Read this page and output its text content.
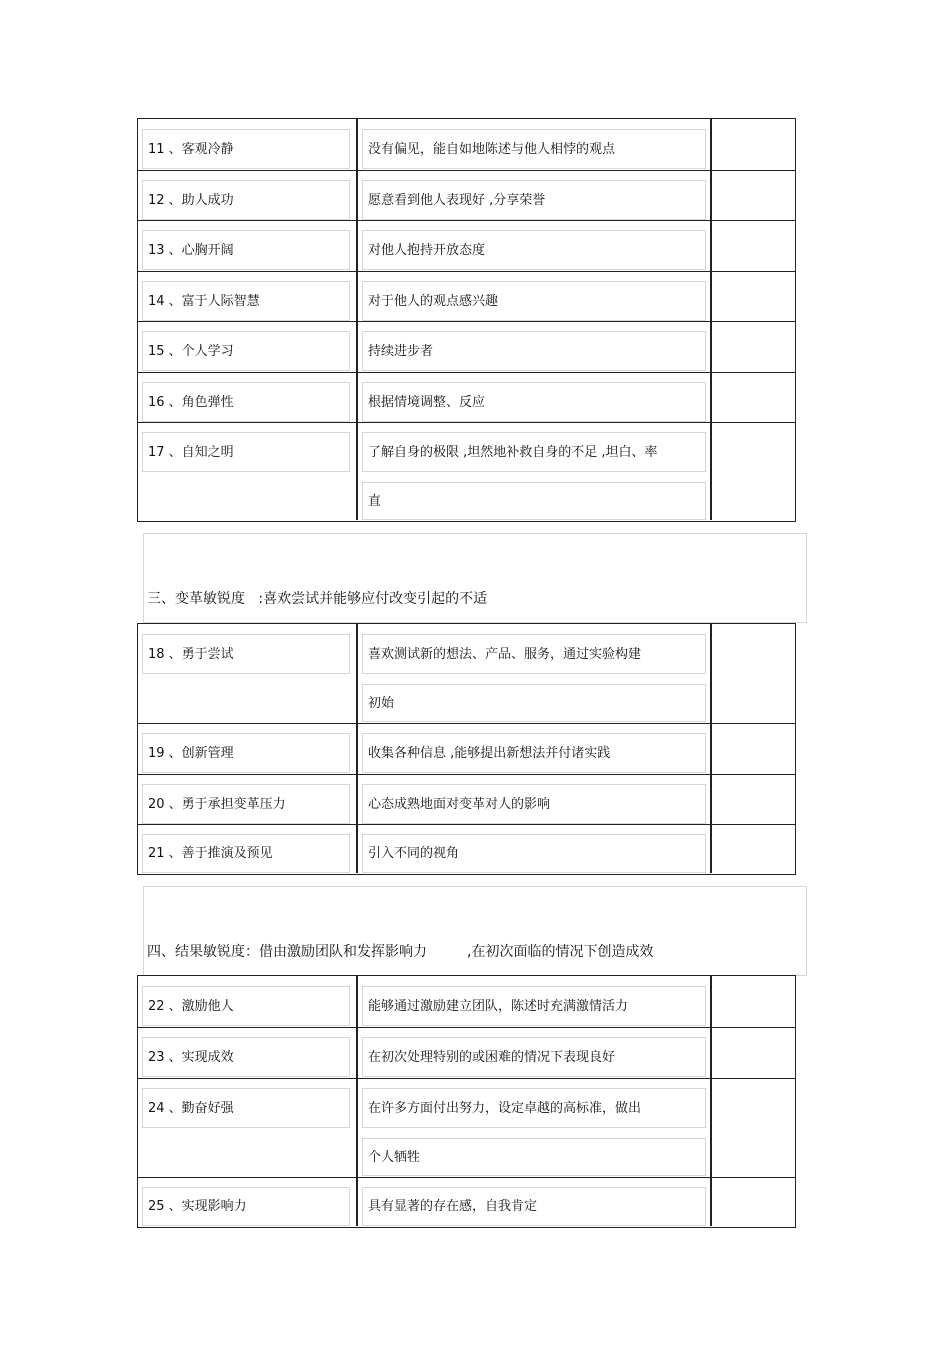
11 、客观冷静	没有偏见，能自如地陈述与他人相悖的观点
12 、助人成功	愿意看到他人表现好 ,分享荣誉
13 、心胸开阔	对他人抱持开放态度
14 、富于人际智慧	对于他人的观点感兴趣
15 、个人学习	持续进步者
16 、角色弹性	根据情境调整、反应
17 、自知之明	了解自身的极限 ,坦然地补救自身的不足 ,坦白、率
直
三、变革敏锐度   :喜欢尝试并能够应付改变引起的不适
18 、勇于尝试	喜欢测试新的想法、产品、服务，通过实验构建
初始
19 、创新管理	收集各种信息 ,能够提出新想法并付诸实践
20 、勇于承担变革压力	心态成熟地面对变革对人的影响
21 、善于推演及预见	引入不同的视角
四、结果敏锐度：借由激励团队和发挥影响力         ,在初次面临的情况下创造成效
22 、激励他人	能够通过激励建立团队，陈述时充满激情活力
23 、实现成效	在初次处理特别的或困难的情况下表现良好
24 、勤奋好强	在许多方面付出努力，设定卓越的高标准，做出
个人牺牲
25 、实现影响力	具有显著的存在感，自我肯定
